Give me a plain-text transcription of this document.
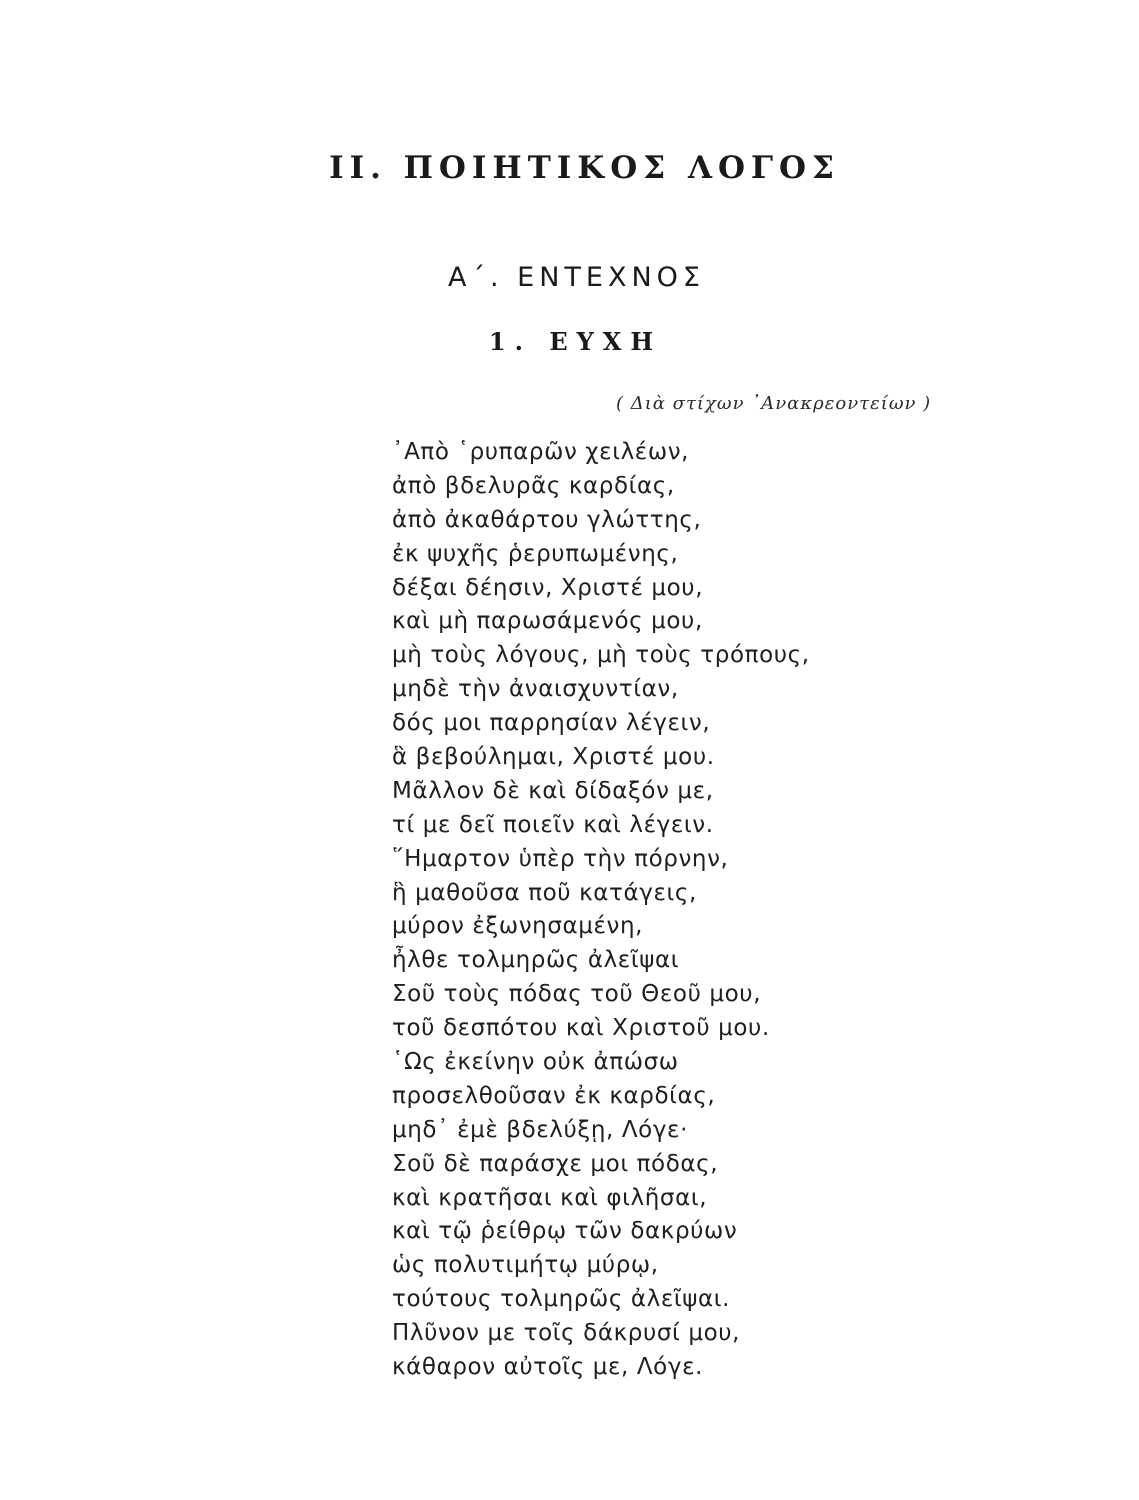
II. ΠΟΙΗΤΙΚΟΣ ΛΟΓΟΣ
Α΄. ΕΝΤΕΧΝΟΣ
1. ΕΥΧΗ
( Διὰ στίχων ᾿Ανακρεοντείων )
᾿Απὸ ῾ρυπαρῶν χειλέων,
ἀπὸ βδελυρᾶς καρδίας,
ἀπὸ ἀκαθάρτου γλώττης,
ἐκ ψυχῆς ῥερυπωμένης,
δέξαι δέησιν, Χριστέ μου,
καὶ μὴ παρωσάμενός μου,
μὴ τοὺς λόγους, μὴ τοὺς τρόπους,
μηδὲ τὴν ἀναισχυντίαν,
δός μοι παρρησίαν λέγειν,
ἃ βεβούλημαι, Χριστέ μου.
Μᾶλλον δὲ καὶ δίδαξόν με,
τί με δεῖ ποιεῖν καὶ λέγειν.
῞Ημαρτον ὑπὲρ τὴν πόρνην,
ἣ μαθοῦσα ποῦ κατάγεις,
μύρον ἐξωνησαμένη,
ἦλθε τολμηρῶς ἀλεῖψαι
Σοῦ τοὺς πόδας τοῦ Θεοῦ μου,
τοῦ δεσπότου καὶ Χριστοῦ μου.
῾Ως ἐκείνην οὐκ ἀπώσω
προσελθοῦσαν ἐκ καρδίας,
μηδ᾿ ἐμὲ βδελύξῃ, Λόγε·
Σοῦ δὲ παράσχε μοι πόδας,
καὶ κρατῆσαι καὶ φιλῆσαι,
καὶ τῷ ῥείθρῳ τῶν δακρύων
ὡς πολυτιμήτῳ μύρῳ,
τούτους τολμηρῶς ἀλεῖψαι.
Πλῦνον με τοῖς δάκρυσί μου,
κάθαρον αὐτοῖς με, Λόγε.
